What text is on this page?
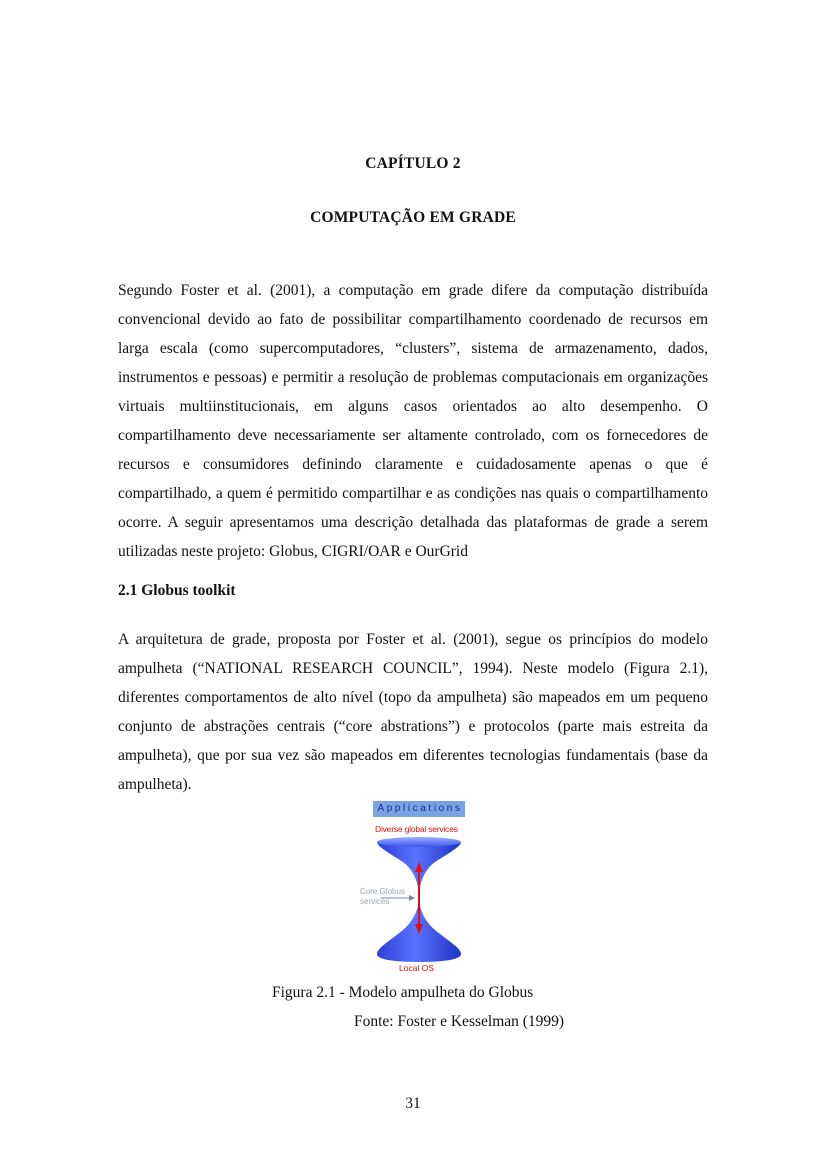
CAPÍTULO 2
COMPUTAÇÃO EM GRADE

Segundo Foster et al. (2001), a computação em grade difere da computação distribuída convencional devido ao fato de possibilitar compartilhamento coordenado de recursos em larga escala (como supercomputadores, “clusters”, sistema de armazenamento, dados, instrumentos e pessoas) e permitir a resolução de problemas computacionais em organizações virtuais multiinstitucionais, em alguns casos orientados ao alto desempenho. O compartilhamento deve necessariamente ser altamente controlado, com os fornecedores de recursos e consumidores definindo claramente e cuidadosamente apenas o que é compartilhado, a quem é permitido compartilhar e as condições nas quais o compartilhamento ocorre. A seguir apresentamos uma descrição detalhada das plataformas de grade a serem utilizadas neste projeto: Globus, CIGRI/OAR e OurGrid

2.1 Globus toolkit

A arquitetura de grade, proposta por Foster et al. (2001), segue os princípios do modelo ampulheta (“NATIONAL RESEARCH COUNCIL”, 1994). Neste modelo (Figura 2.1), diferentes comportamentos de alto nível (topo da ampulheta) são mapeados em um pequeno conjunto de abstrações centrais (“core abstrations”) e protocolos (parte mais estreita da ampulheta), que por sua vez são mapeados em diferentes tecnologias fundamentais (base da ampulheta).

Applications
Diverse global services
Core Globus
services
Local OS

Figura 2.1 - Modelo ampulheta do Globus

Fonte: Foster e Kesselman (1999)

31
